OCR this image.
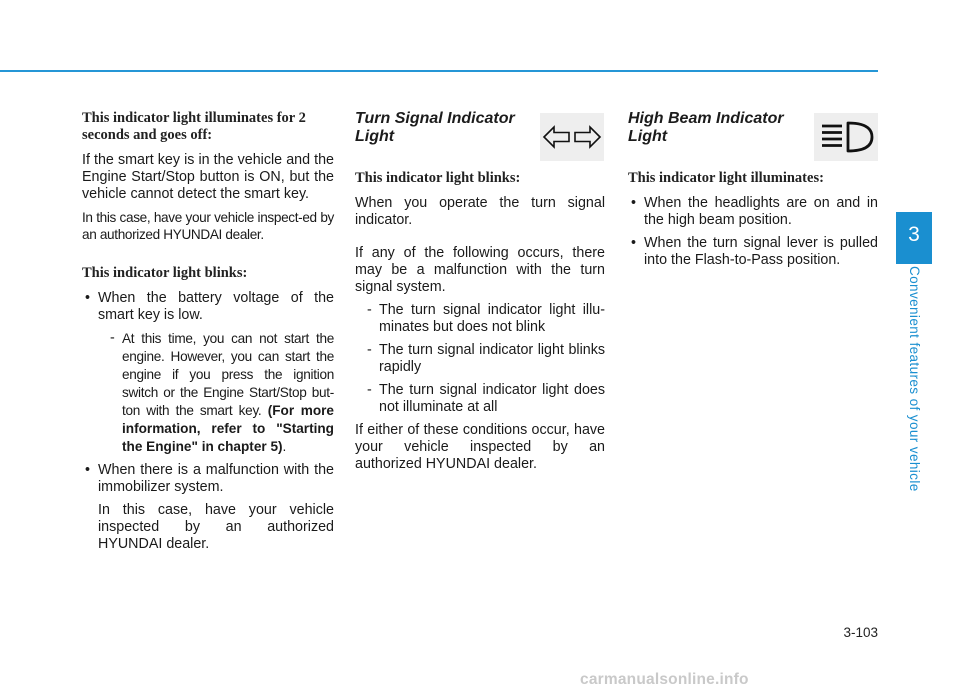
This indicator light illuminates for 2 seconds and goes off:

If the smart key is in the vehicle and the Engine Start/Stop button is ON, but the vehicle cannot detect the smart key.

In this case, have your vehicle inspect-ed by an authorized HYUNDAI dealer.

This indicator light blinks:
• When the battery voltage of the smart key is low.
- At this time, you can not start the engine. However, you can start the engine if you press the ignition switch or the Engine Start/Stop but-ton with the smart key. (For more information, refer to "Starting the Engine" in chapter 5).
• When there is a malfunction with the immobilizer system.

In this case, have your vehicle inspected by an authorized HYUNDAI dealer.

Turn Signal Indicator Light
This indicator light blinks:

When you operate the turn signal indicator.

If any of the following occurs, there may be a malfunction with the turn signal system.

- The turn signal indicator light illu-minates but does not blink
- The turn signal indicator light blinks rapidly
- The turn signal indicator light does not illuminate at all

If either of these conditions occur, have your vehicle inspected by an authorized HYUNDAI dealer.

High Beam Indicator Light
This indicator light illuminates:
• When the headlights are on and in the high beam position.
• When the turn signal lever is pulled into the Flash-to-Pass position.
3
Convenient features of your vehicle
3-103
carmanualsonline.info
